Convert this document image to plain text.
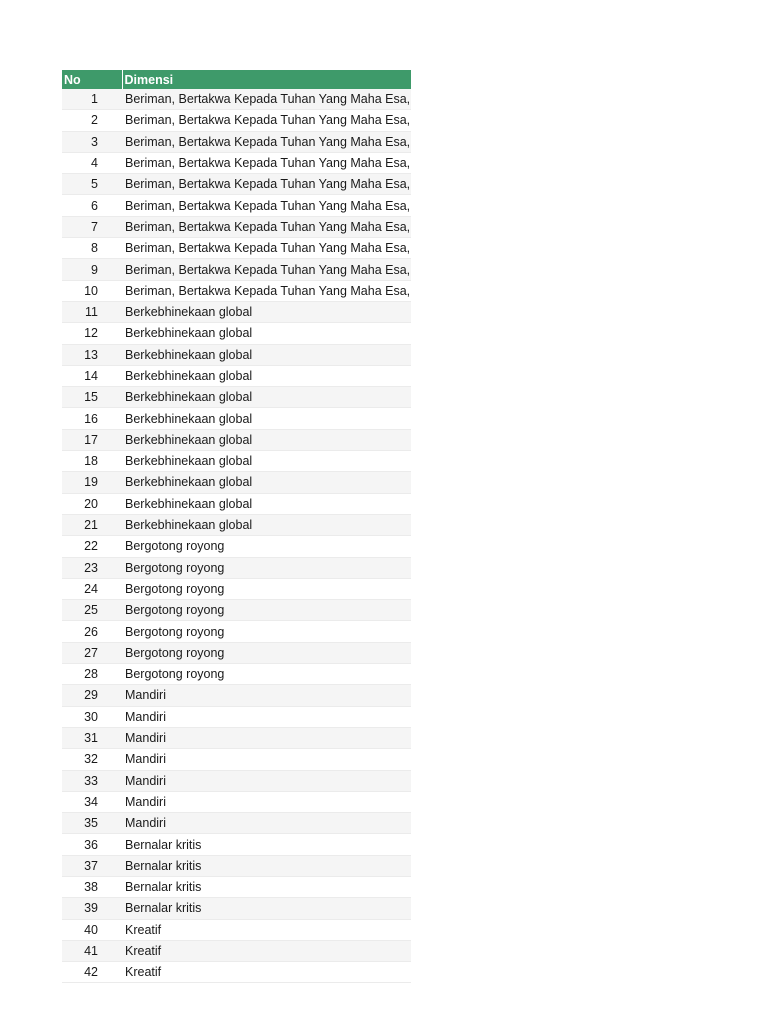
No	Dimensi
1	Beriman, Bertakwa Kepada Tuhan Yang Maha Esa,
2	Beriman, Bertakwa Kepada Tuhan Yang Maha Esa,
3	Beriman, Bertakwa Kepada Tuhan Yang Maha Esa,
4	Beriman, Bertakwa Kepada Tuhan Yang Maha Esa,
5	Beriman, Bertakwa Kepada Tuhan Yang Maha Esa,
6	Beriman, Bertakwa Kepada Tuhan Yang Maha Esa,
7	Beriman, Bertakwa Kepada Tuhan Yang Maha Esa,
8	Beriman, Bertakwa Kepada Tuhan Yang Maha Esa,
9	Beriman, Bertakwa Kepada Tuhan Yang Maha Esa,
10	Beriman, Bertakwa Kepada Tuhan Yang Maha Esa,
11	Berkebhinekaan global
12	Berkebhinekaan global
13	Berkebhinekaan global
14	Berkebhinekaan global
15	Berkebhinekaan global
16	Berkebhinekaan global
17	Berkebhinekaan global
18	Berkebhinekaan global
19	Berkebhinekaan global
20	Berkebhinekaan global
21	Berkebhinekaan global
22	Bergotong royong
23	Bergotong royong
24	Bergotong royong
25	Bergotong royong
26	Bergotong royong
27	Bergotong royong
28	Bergotong royong
29	Mandiri
30	Mandiri
31	Mandiri
32	Mandiri
33	Mandiri
34	Mandiri
35	Mandiri
36	Bernalar kritis
37	Bernalar kritis
38	Bernalar kritis
39	Bernalar kritis
40	Kreatif
41	Kreatif
42	Kreatif
